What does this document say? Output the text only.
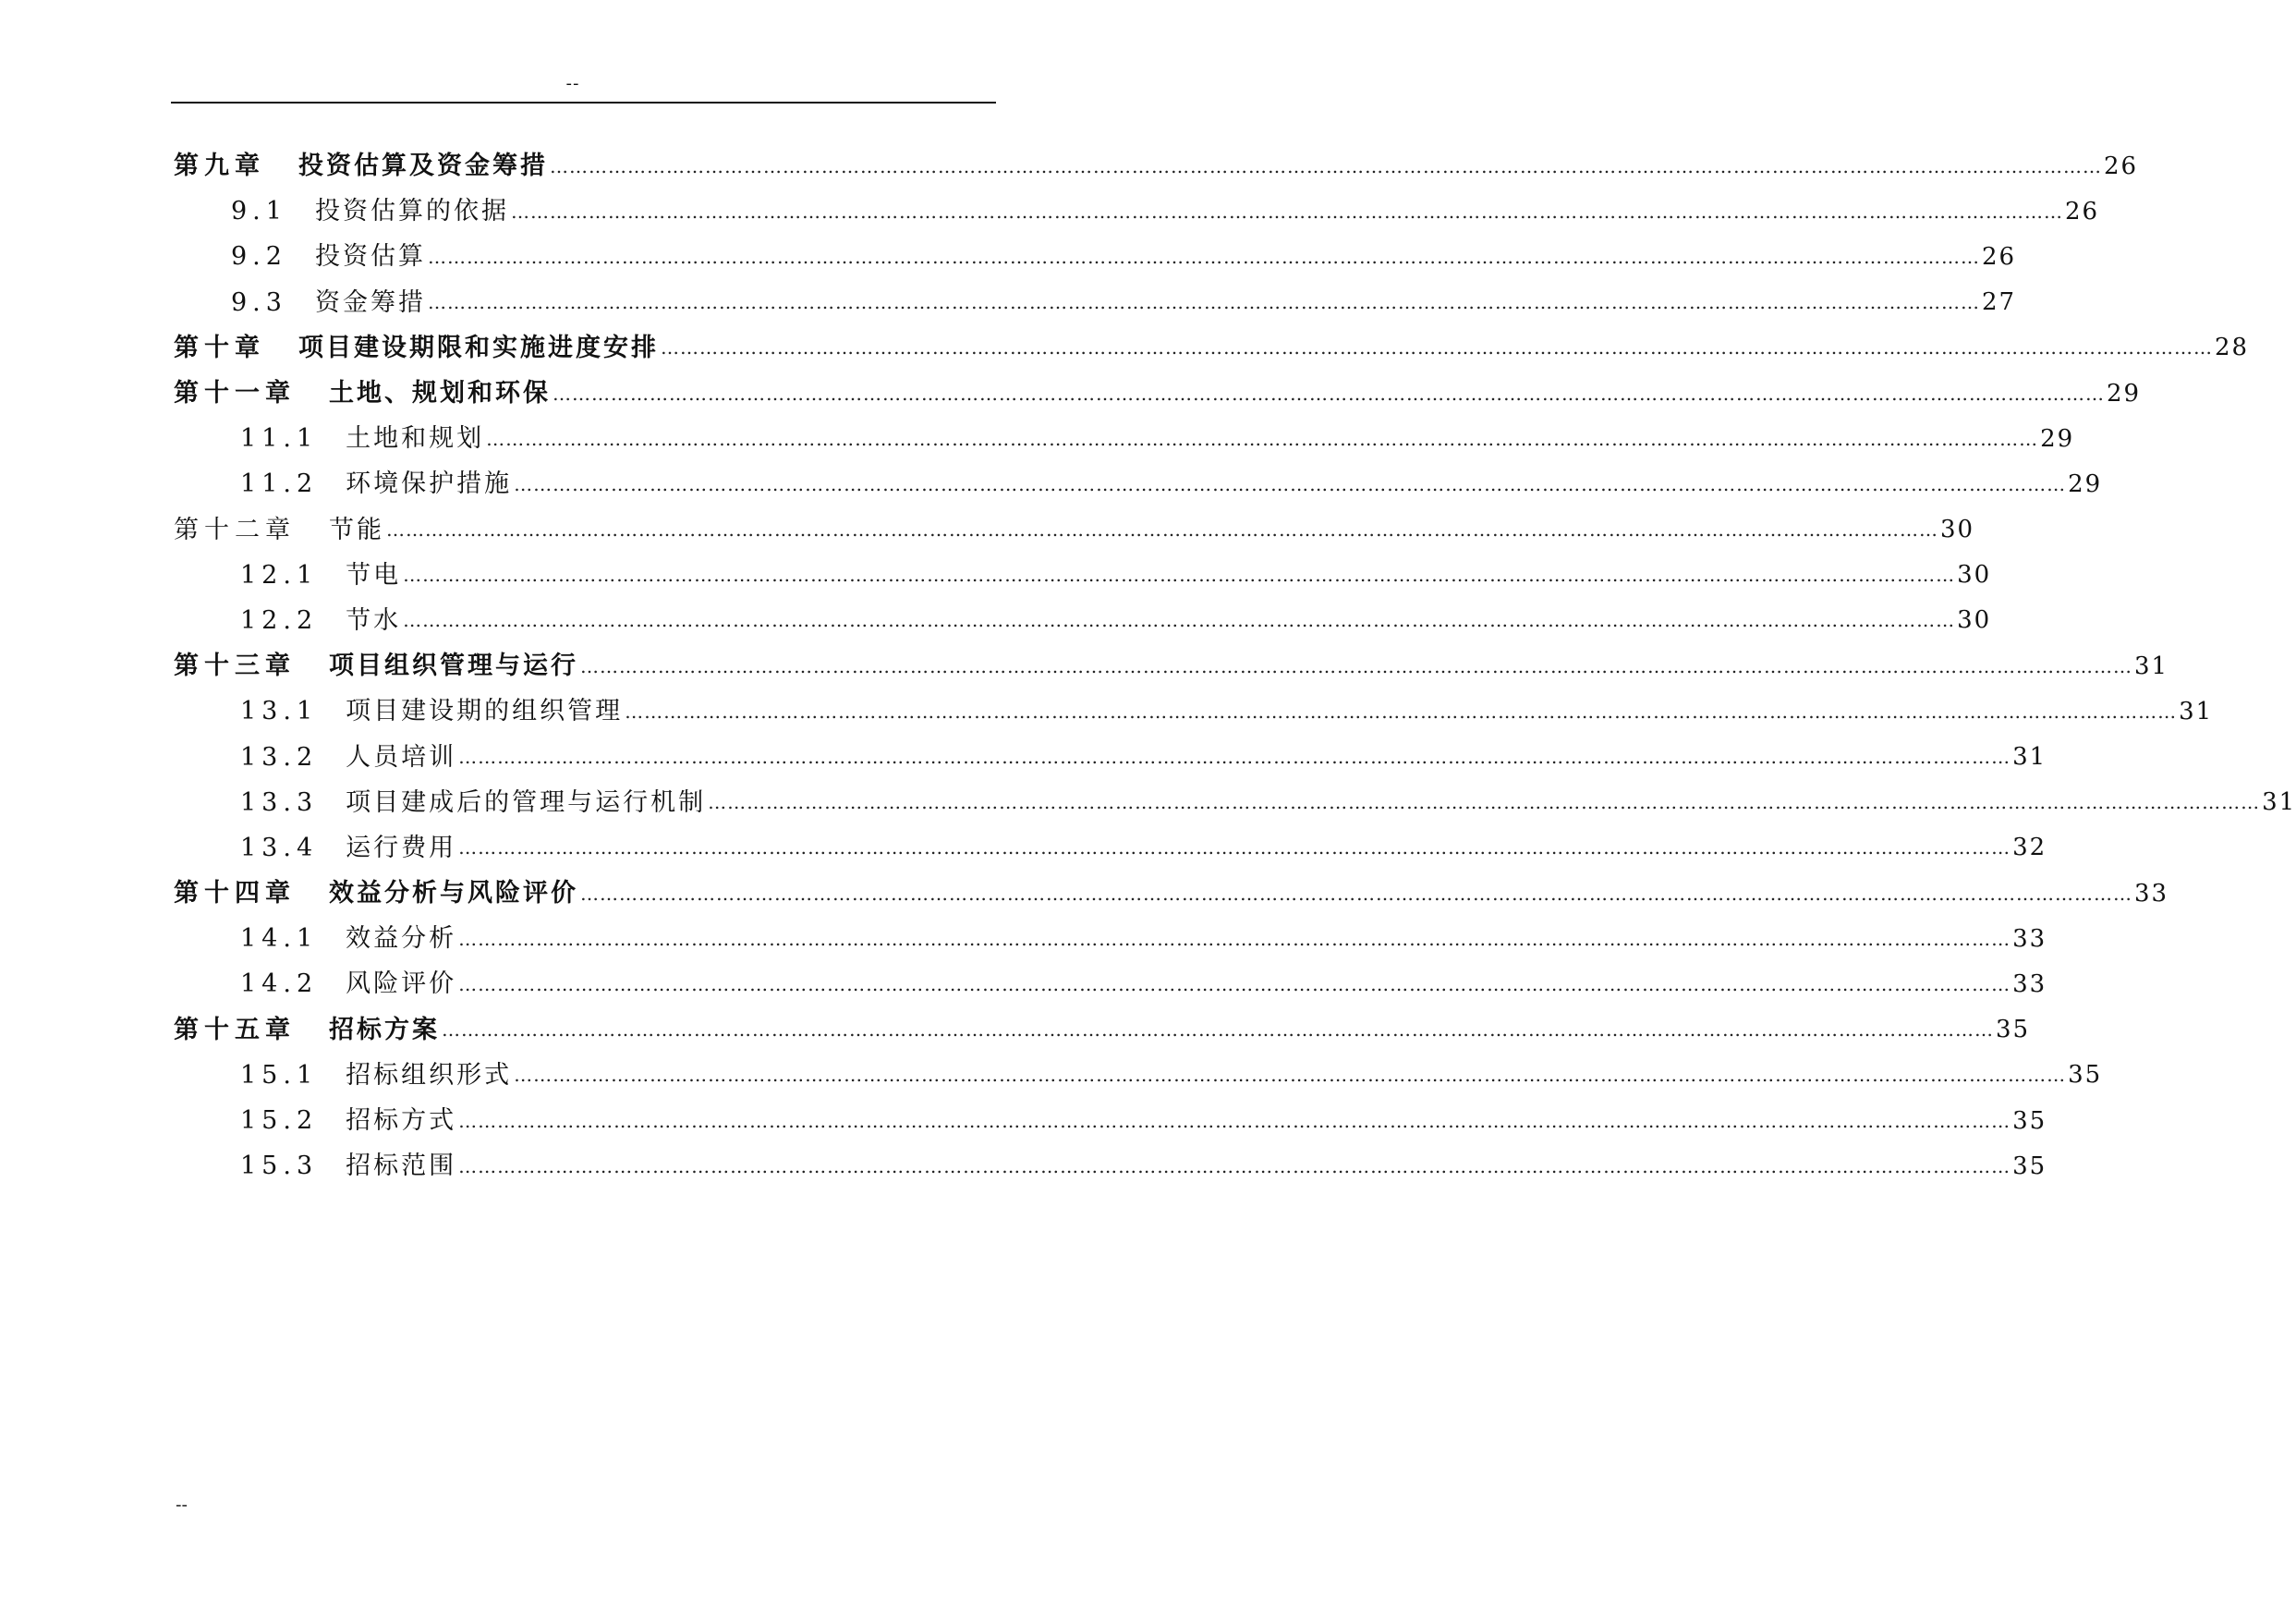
--
第九章 投资估算及资金筹措 …………………………………………………………………………………………………………………………………………………………………………………………………………………… 26
9.1 投资估算的依据 …………………………………………………………………………………………………………………………………………………………………………………………………………………… 26
9.2 投资估算 …………………………………………………………………………………………………………………………………………………………………………………………………………………… 26
9.3 资金筹措 …………………………………………………………………………………………………………………………………………………………………………………………………………………… 27
第十章 项目建设期限和实施进度安排 …………………………………………………………………………………………………………………………………………………………………………………………………………………… 28
第十一章 土地、规划和环保 …………………………………………………………………………………………………………………………………………………………………………………………………………………… 29
11.1 土地和规划 …………………………………………………………………………………………………………………………………………………………………………………………………………………… 29
11.2 环境保护措施 …………………………………………………………………………………………………………………………………………………………………………………………………………………… 29
第十二章 节能 …………………………………………………………………………………………………………………………………………………………………………………………………………………… 30
12.1 节电 …………………………………………………………………………………………………………………………………………………………………………………………………………………… 30
12.2 节水 …………………………………………………………………………………………………………………………………………………………………………………………………………………… 30
第十三章 项目组织管理与运行 …………………………………………………………………………………………………………………………………………………………………………………………………………………… 31
13.1 项目建设期的组织管理 …………………………………………………………………………………………………………………………………………………………………………………………………………………… 31
13.2 人员培训 …………………………………………………………………………………………………………………………………………………………………………………………………………………… 31
13.3 项目建成后的管理与运行机制 …………………………………………………………………………………………………………………………………………………………………………………………………………………… 31
13.4 运行费用 …………………………………………………………………………………………………………………………………………………………………………………………………………………… 32
第十四章 效益分析与风险评价 …………………………………………………………………………………………………………………………………………………………………………………………………………………… 33
14.1 效益分析 …………………………………………………………………………………………………………………………………………………………………………………………………………………… 33
14.2 风险评价 …………………………………………………………………………………………………………………………………………………………………………………………………………………… 33
第十五章 招标方案 …………………………………………………………………………………………………………………………………………………………………………………………………………………… 35
15.1 招标组织形式 …………………………………………………………………………………………………………………………………………………………………………………………………………………… 35
15.2 招标方式 …………………………………………………………………………………………………………………………………………………………………………………………………………………… 35
15.3 招标范围 …………………………………………………………………………………………………………………………………………………………………………………………………………………… 35
--
